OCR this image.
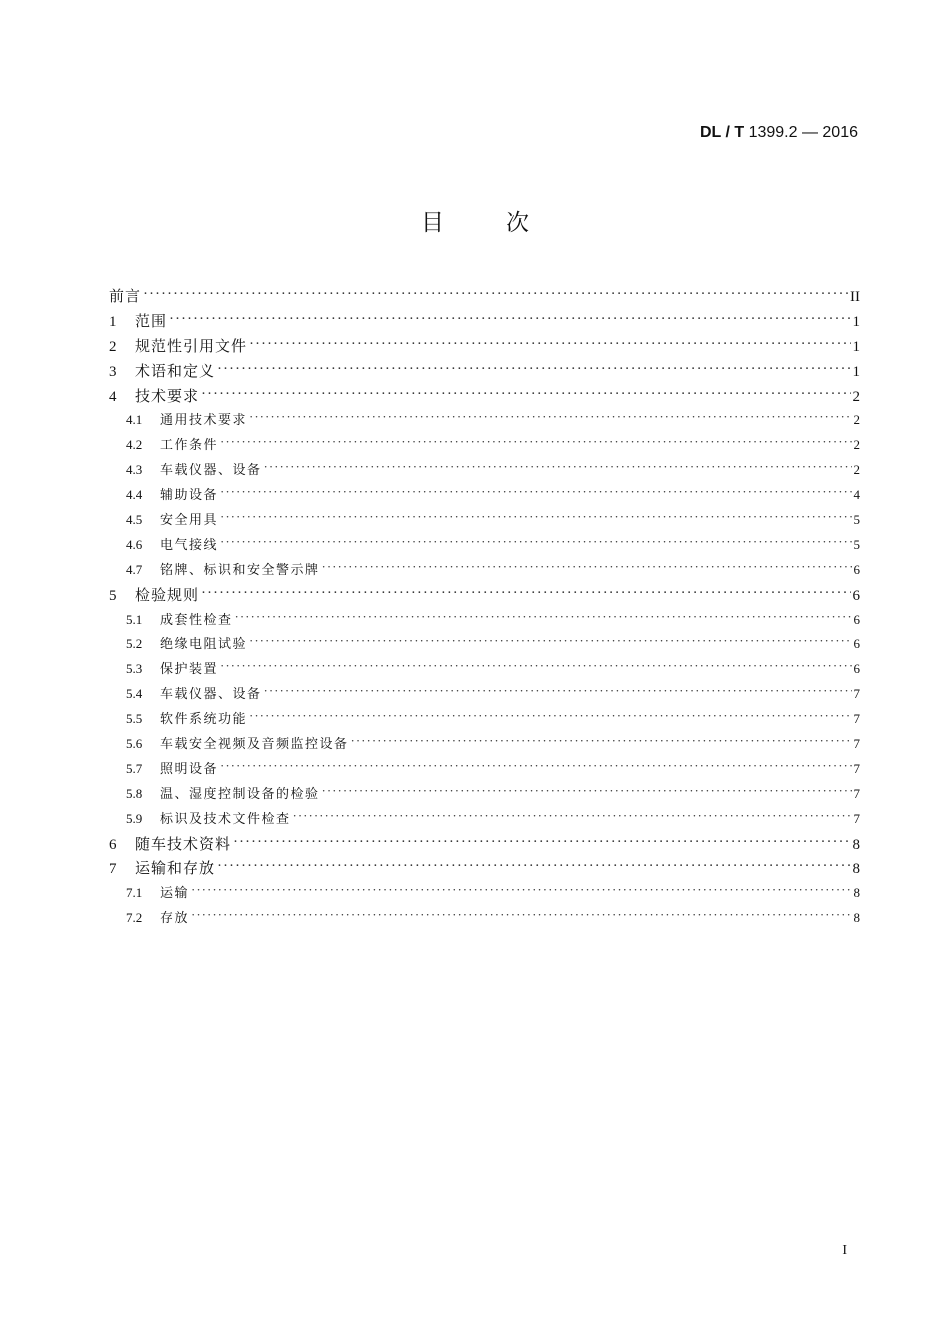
DL / T 1399.2 — 2016
目	次
前言 ·····	II
1	范围 ·····	1
2	规范性引用文件 ·····	1
3	术语和定义 ·····	1
4	技术要求 ·····	2
4.1	通用技术要求 ·····	2
4.2	工作条件 ·····	2
4.3	车载仪器、设备 ·····	2
4.4	辅助设备 ·····	4
4.5	安全用具 ·····	5
4.6	电气接线 ·····	5
4.7	铭牌、标识和安全警示牌 ·····	6
5	检验规则 ·····	6
5.1	成套性检查 ·····	6
5.2	绝缘电阻试验 ·····	6
5.3	保护装置 ·····	6
5.4	车载仪器、设备 ·····	7
5.5	软件系统功能 ·····	7
5.6	车载安全视频及音频监控设备 ·····	7
5.7	照明设备 ·····	7
5.8	温、湿度控制设备的检验 ·····	7
5.9	标识及技术文件检查 ·····	7
6	随车技术资料 ·····	8
7	运输和存放 ·····	8
7.1	运输 ·····	8
7.2	存放 ·····	8
I
